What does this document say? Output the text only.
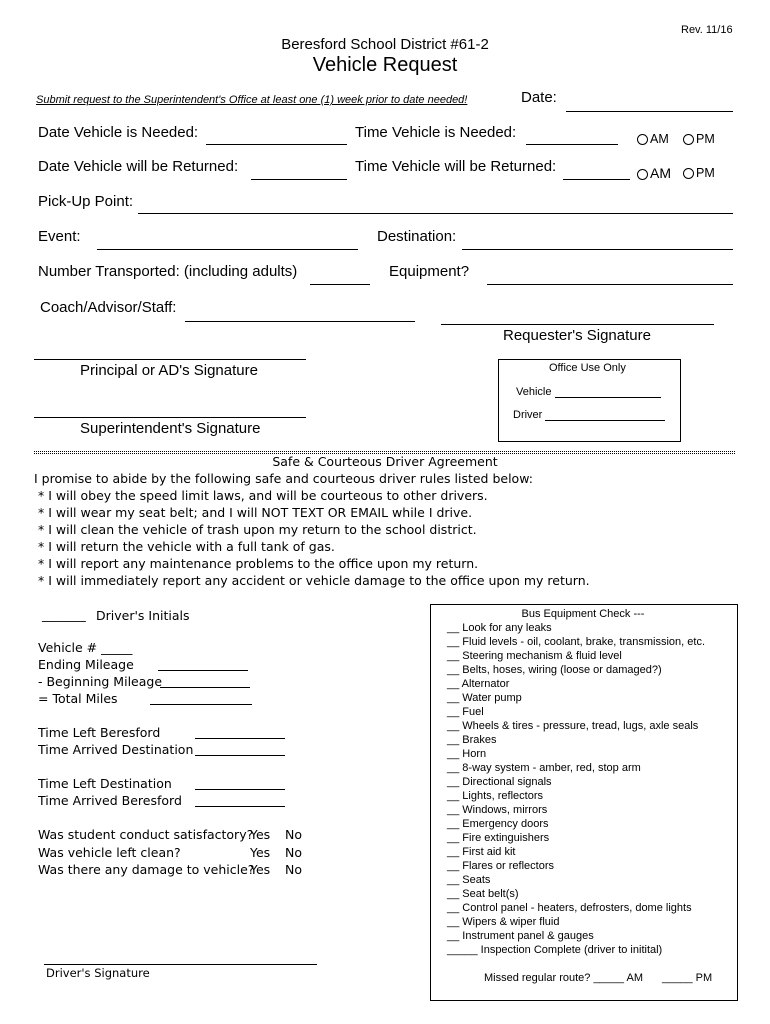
Rev. 11/16
Beresford School District #61-2
Vehicle Request
Submit request to the Superintendent's Office at least one (1) week prior to date needed!	Date:
Date Vehicle is Needed:	Time Vehicle is Needed:	AM	PM
Date Vehicle will be Returned:	Time Vehicle will be Returned:	AM	PM
Pick-Up Point:
Event:	Destination:
Number Transported: (including adults)	Equipment?
Coach/Advisor/Staff:
Requester's Signature
Principal or AD's Signature
Superintendent's Signature
Office Use Only
Vehicle
Driver
Safe & Courteous Driver Agreement
I promise to abide by the following safe and courteous driver rules listed below:
* I will obey the speed limit laws, and will be courteous to other drivers.
* I will wear my seat belt; and I will NOT TEXT OR EMAIL while I drive.
* I will clean the vehicle of trash upon my return to the school district.
* I will return the vehicle with a full tank of gas.
* I will report any maintenance problems to the office upon my return.
* I will immediately report any accident or vehicle damage to the office upon my return.
_______ Driver's Initials
Vehicle # _____
Ending Mileage
- Beginning Mileage
= Total Miles
Time Left Beresford
Time Arrived Destination
Time Left Destination
Time Arrived Beresford
Was student conduct satisfactory?
Yes No
Was vehicle left clean?	Yes No
Was there any damage to vehicle?
Yes No
Driver's Signature
Bus Equipment Check ---
__ Look for any leaks
__ Fluid levels - oil, coolant, brake, transmission, etc.
__ Steering mechanism & fluid level
__ Belts, hoses, wiring (loose or damaged?)
__ Alternator
__ Water pump
__ Fuel
__ Wheels & tires - pressure, tread, lugs, axle seals
__ Brakes
__ Horn
__ 8-way system - amber, red, stop arm
__ Directional signals
__ Lights, reflectors
__ Windows, mirrors
__ Emergency doors
__ Fire extinguishers
__ First aid kit
__ Flares or reflectors
__ Seats
__ Seat belt(s)
__ Control panel - heaters, defrosters, dome lights
__ Wipers & wiper fluid
__ Instrument panel & gauges
_____ Inspection Complete (driver to initital)
Missed regular route? _____ AM _____ PM
